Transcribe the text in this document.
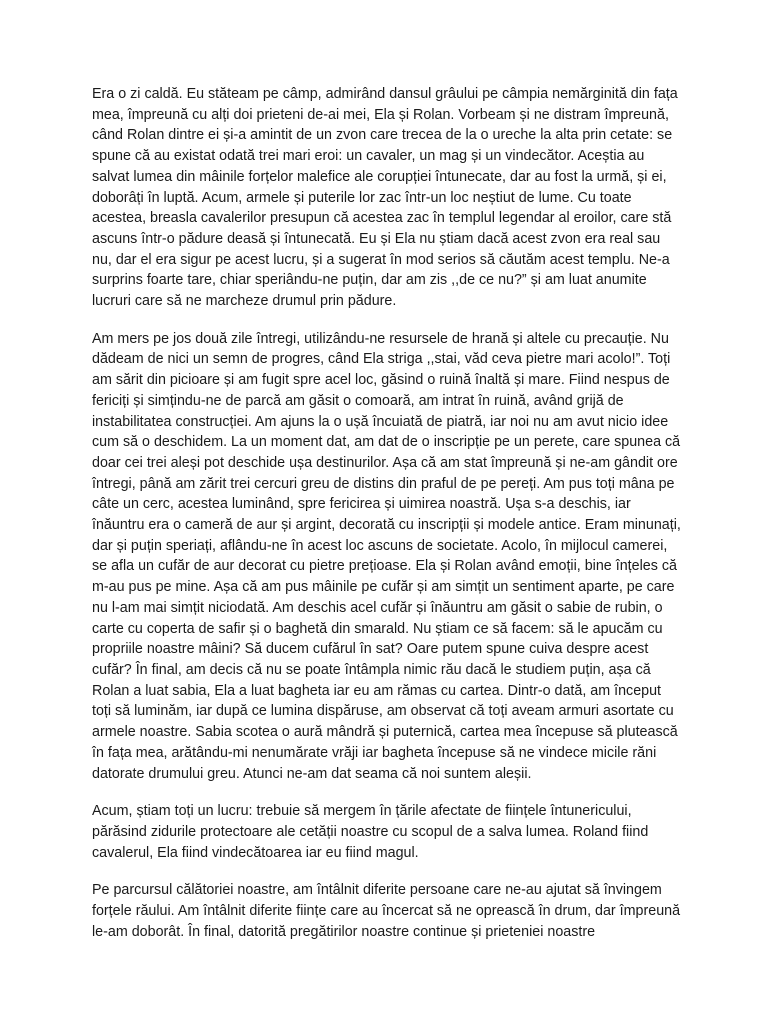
Era o zi caldă. Eu stăteam pe câmp, admirând dansul grâului pe câmpia nemărginită din fața mea, împreună cu alți doi prieteni de-ai mei, Ela și Rolan. Vorbeam și ne distram împreună, când Rolan dintre ei și-a amintit de un zvon care trecea de la o ureche la alta prin cetate: se spune că au existat odată trei mari eroi: un cavaler, un mag și un vindecător. Aceștia au salvat lumea din mâinile forțelor malefice ale corupției întunecate, dar au fost la urmă, și ei, doborâți în luptă. Acum, armele și puterile lor zac într-un loc neștiut de lume. Cu toate acestea, breasla cavalerilor presupun că acestea zac în templul legendar al eroilor, care stă ascuns într-o pădure deasă și întunecată. Eu și Ela nu știam dacă acest zvon era real sau nu, dar el era sigur pe acest lucru, și a sugerat în mod serios să căutăm acest templu. Ne-a surprins foarte tare, chiar speriându-ne puțin, dar am zis ,,de ce nu?” și am luat anumite lucruri care să ne marcheze drumul prin pădure.

Am mers pe jos două zile întregi, utilizându-ne resursele de hrană și altele cu precauție. Nu dădeam de nici un semn de progres, când Ela striga ,,stai, văd ceva pietre mari acolo!”. Toți am sărit din picioare și am fugit spre acel loc, găsind o ruină înaltă și mare. Fiind nespus de fericiți și simțindu-ne de parcă am găsit o comoară, am intrat în ruină, având grijă de instabilitatea construcției. Am ajuns la o ușă încuiată de piatră, iar noi nu am avut nicio idee cum să o deschidem. La un moment dat, am dat de o inscripție pe un perete, care spunea că doar cei trei aleși pot deschide ușa destinurilor. Așa că am stat împreună și ne-am gândit ore întregi, până am zărit trei cercuri greu de distins din praful de pe pereți. Am pus toți mâna pe câte un cerc, acestea luminând, spre fericirea și uimirea noastră. Ușa s-a deschis, iar înăuntru era o cameră de aur și argint, decorată cu inscripții și modele antice. Eram minunați, dar și puțin speriați, aflându-ne în acest loc ascuns de societate. Acolo, în mijlocul camerei, se afla un cufăr de aur decorat cu pietre prețioase. Ela și Rolan având emoții, bine înțeles că m-au pus pe mine. Așa că am pus mâinile pe cufăr și am simțit un sentiment aparte, pe care nu l-am mai simțit niciodată. Am deschis acel cufăr și înăuntru am găsit o sabie de rubin, o carte cu coperta de safir și o baghetă din smarald. Nu știam ce să facem: să le apucăm cu propriile noastre mâini? Să ducem cufărul în sat? Oare putem spune cuiva despre acest cufăr? În final, am decis că nu se poate întâmpla nimic rău dacă le studiem puțin, așa că Rolan a luat sabia, Ela a luat bagheta iar eu am rămas cu cartea. Dintr-o dată, am început toți să luminăm, iar după ce lumina dispăruse, am observat că toți aveam armuri asortate cu armele noastre. Sabia scotea o aură mândră și puternică, cartea mea începuse să plutească în fața mea, arătându-mi nenumărate vrăji iar bagheta începuse să ne vindece micile răni datorate drumului greu. Atunci ne-am dat seama că noi suntem aleșii.

Acum, știam toți un lucru: trebuie să mergem în țările afectate de ființele întunericului, părăsind zidurile protectoare ale cetății noastre cu scopul de a salva lumea. Roland fiind cavalerul, Ela fiind vindecătoarea iar eu fiind magul.

Pe parcursul călătoriei noastre, am întâlnit diferite persoane care ne-au ajutat să învingem forțele răului. Am întâlnit diferite ființe care au încercat să ne oprească în drum, dar împreună le-am doborât. În final, datorită pregătirilor noastre continue și prieteniei noastre
